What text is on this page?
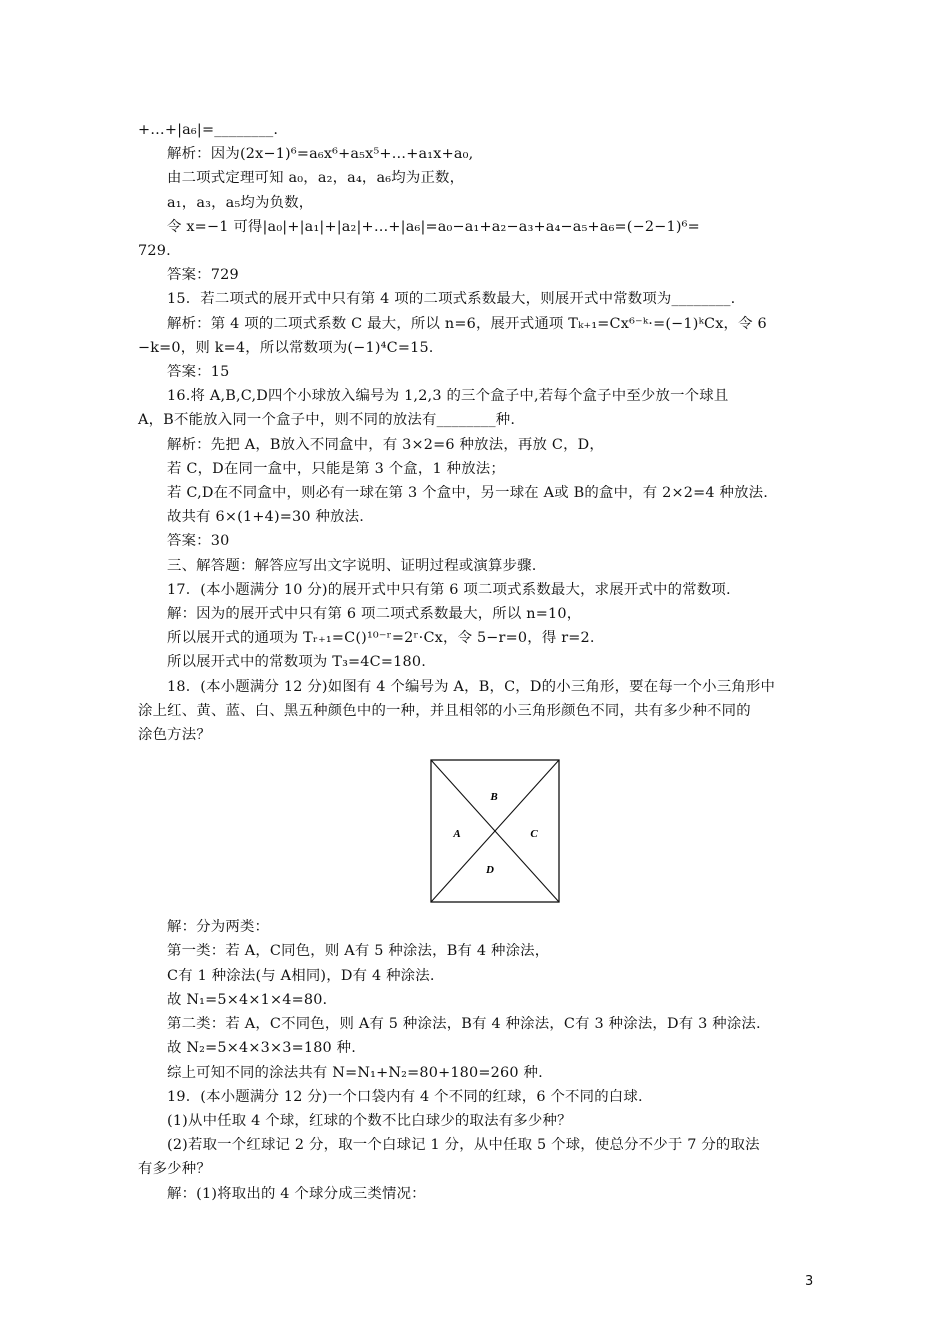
+…+|a₆|=________.
解析：因为(2x−1)⁶=a₆x⁶+a₅x⁵+…+a₁x+a₀,
由二项式定理可知 a₀，a₂，a₄，a₆均为正数，
a₁，a₃，a₅均为负数，
令 x=−1 可得|a₀|+|a₁|+|a₂|+…+|a₆|=a₀−a₁+a₂−a₃+a₄−a₅+a₆=(−2−1)⁶=
729.
答案：729
15．若二项式的展开式中只有第 4 项的二项式系数最大，则展开式中常数项为________.
解析：第 4 项的二项式系数 C 最大，所以 n=6，展开式通项 Tₖ₊₁=Cx⁶⁻ᵏ·=(−1)ᵏCx，令 6
−k=0，则 k=4，所以常数项为(−1)⁴C=15.
答案：15
16.将 A,B,C,D四个小球放入编号为 1,2,3 的三个盒子中,若每个盒子中至少放一个球且
A，B不能放入同一个盒子中，则不同的放法有________种.
解析：先把 A，B放入不同盒中，有 3×2=6 种放法，再放 C，D，
若 C，D在同一盒中，只能是第 3 个盒，1 种放法；
若 C,D在不同盒中，则必有一球在第 3 个盒中，另一球在 A或 B的盒中，有 2×2=4 种放法.
故共有 6×(1+4)=30 种放法.
答案：30
三、解答题：解答应写出文字说明、证明过程或演算步骤.
17．(本小题满分 10 分)的展开式中只有第 6 项二项式系数最大，求展开式中的常数项.
解：因为的展开式中只有第 6 项二项式系数最大，所以 n=10，
所以展开式的通项为 Tᵣ₊₁=C()¹⁰⁻ʳ=2ʳ·Cx，令 5−r=0，得 r=2.
所以展开式中的常数项为 T₃=4C=180.
18．(本小题满分 12 分)如图有 4 个编号为 A，B，C，D的小三角形，要在每一个小三角形中
涂上红、黄、蓝、白、黑五种颜色中的一种，并且相邻的小三角形颜色不同，共有多少种不同的
涂色方法？
B
A	C
D
解：分为两类：
第一类：若 A，C同色，则 A有 5 种涂法，B有 4 种涂法，
C有 1 种涂法(与 A相同)，D有 4 种涂法.
故 N₁=5×4×1×4=80.
第二类：若 A，C不同色，则 A有 5 种涂法，B有 4 种涂法，C有 3 种涂法，D有 3 种涂法.
故 N₂=5×4×3×3=180 种.
综上可知不同的涂法共有 N=N₁+N₂=80+180=260 种.
19．(本小题满分 12 分)一个口袋内有 4 个不同的红球，6 个不同的白球.
(1)从中任取 4 个球，红球的个数不比白球少的取法有多少种？
(2)若取一个红球记 2 分，取一个白球记 1 分，从中任取 5 个球，使总分不少于 7 分的取法
有多少种？
解：(1)将取出的 4 个球分成三类情况：
3
